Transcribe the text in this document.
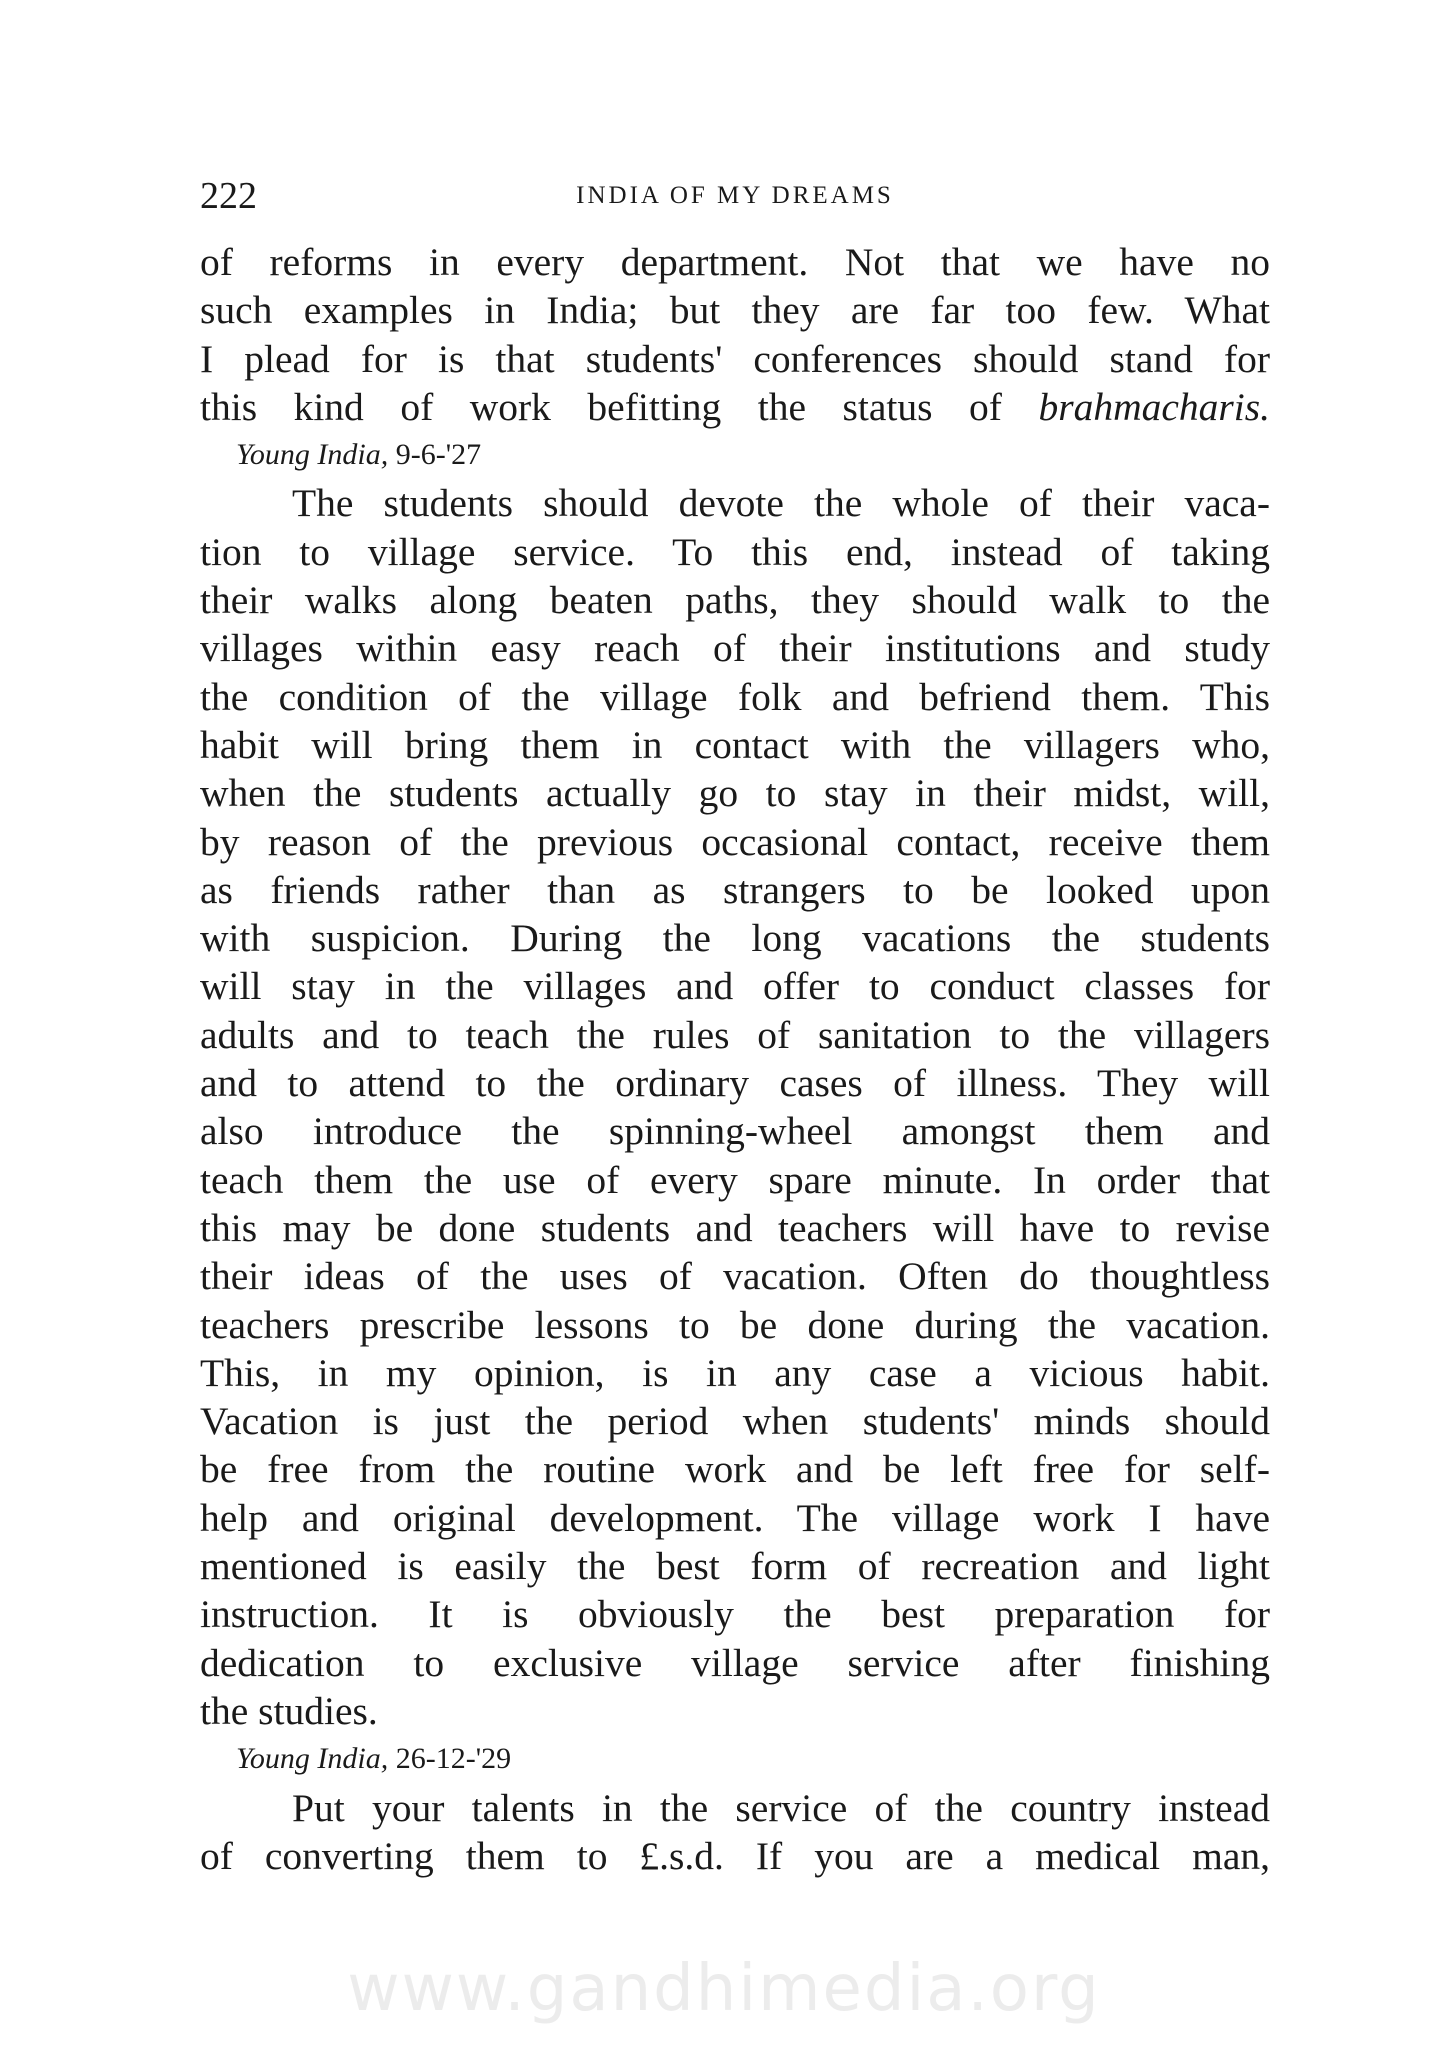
222	INDIA OF MY DREAMS
of reforms in every department. Not that we have no
such examples in India; but they are far too few. What
I plead for is that students' conferences should stand for
this kind of work befitting the status of brahmacharis.
Young India, 9-6-'27
The students should devote the whole of their vaca-
tion to village service. To this end, instead of taking
their walks along beaten paths, they should walk to the
villages within easy reach of their institutions and study
the condition of the village folk and befriend them. This
habit will bring them in contact with the villagers who,
when the students actually go to stay in their midst, will,
by reason of the previous occasional contact, receive them
as friends rather than as strangers to be looked upon
with suspicion. During the long vacations the students
will stay in the villages and offer to conduct classes for
adults and to teach the rules of sanitation to the villagers
and to attend to the ordinary cases of illness. They will
also introduce the spinning-wheel amongst them and
teach them the use of every spare minute. In order that
this may be done students and teachers will have to revise
their ideas of the uses of vacation. Often do thoughtless
teachers prescribe lessons to be done during the vacation.
This, in my opinion, is in any case a vicious habit.
Vacation is just the period when students' minds should
be free from the routine work and be left free for self-
help and original development. The village work I have
mentioned is easily the best form of recreation and light
instruction. It is obviously the best preparation for
dedication to exclusive village service after finishing
the studies.
Young India, 26-12-'29
Put your talents in the service of the country instead
of converting them to £.s.d. If you are a medical man,
www.gandhimedia.org
